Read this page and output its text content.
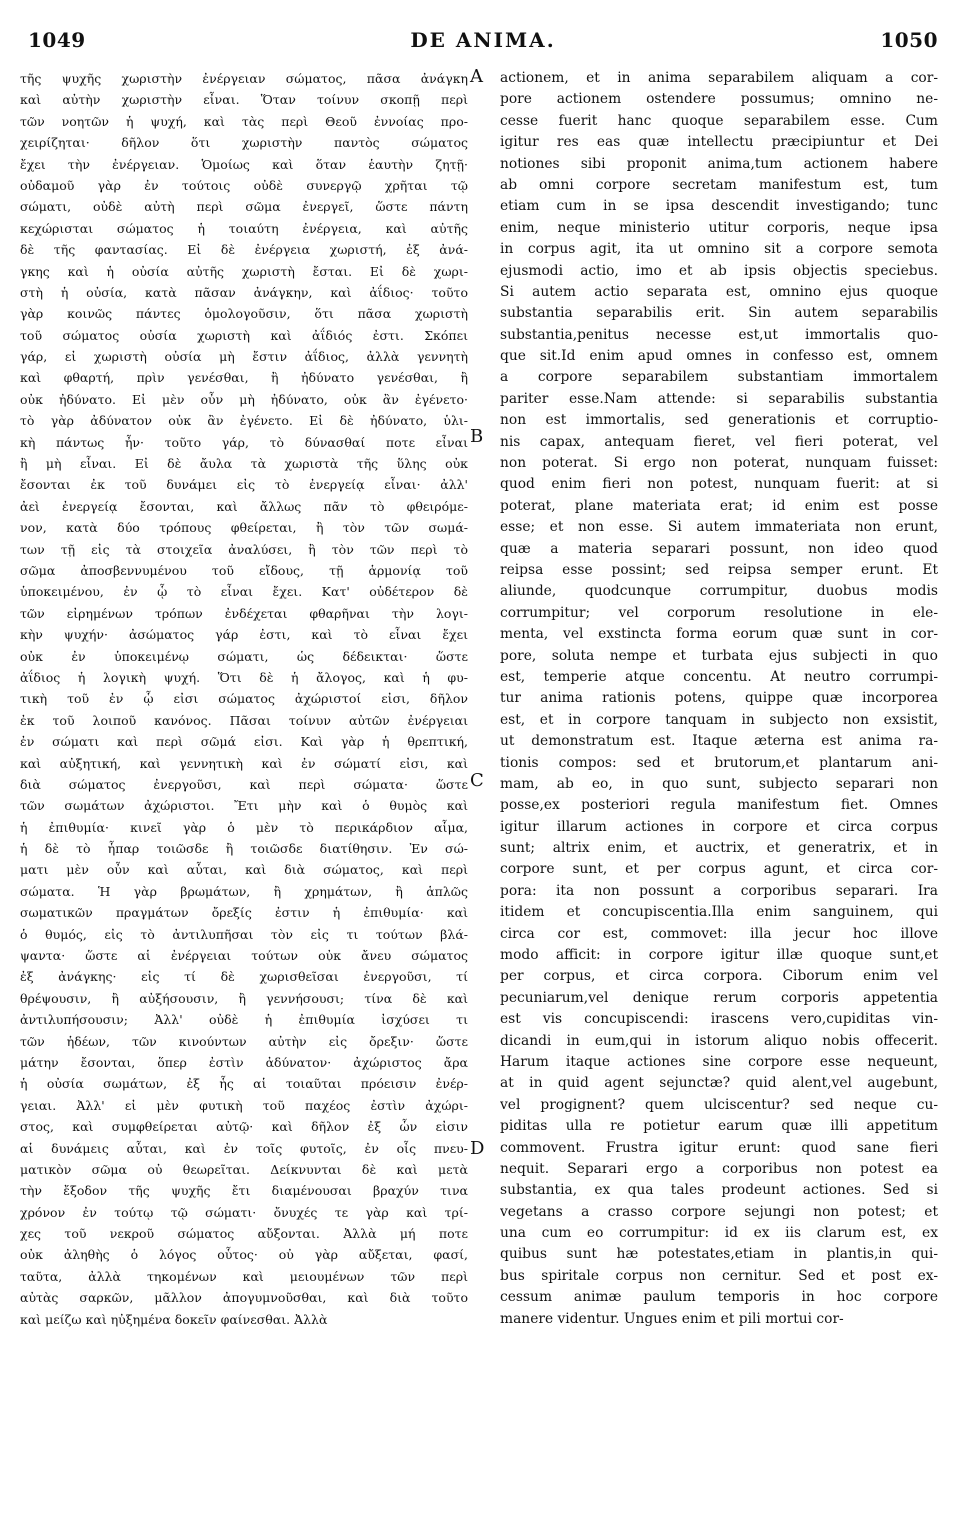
1049	DE ANIMA.	1050
τῆς ψυχῆς χωριστὴν ἐνέργειαν σώματος, πᾶσα ἀνάγκη
καὶ αὐτὴν χωριστὴν εἶναι. Ὅταν τοίνυν σκοπῇ περὶ
τῶν νοητῶν ἡ ψυχή, καὶ τὰς περὶ Θεοῦ ἐννοίας προ-
χειρίζηται· δῆλον ὅτι χωριστὴν παντὸς σώματος
ἔχει τὴν ἐνέργειαν. Ὁμοίως καὶ ὅταν ἑαυτὴν ζητῇ·
οὐδαμοῦ γὰρ ἐν τούτοις οὐδὲ συνεργῷ χρῆται τῷ
σώματι, οὐδὲ αὐτὴ περὶ σῶμα ἐνεργεῖ, ὥστε πάντη
κεχώρισται σώματος ἡ τοιαύτη ἐνέργεια, καὶ αὐτῆς
δὲ τῆς φαντασίας. Εἰ δὲ ἐνέργεια χωριστή, ἐξ ἀνά-
γκης καὶ ἡ οὐσία αὐτῆς χωριστὴ ἔσται. Εἰ δὲ χωρι-
στὴ ἡ οὐσία, κατὰ πᾶσαν ἀνάγκην, καὶ ἀΐδιος· τοῦτο
γὰρ κοινῶς πάντες ὁμολογοῦσιν, ὅτι πᾶσα χωριστὴ
τοῦ σώματος οὐσία χωριστὴ καὶ ἀΐδιός ἐστι. Σκόπει
γάρ, εἰ χωριστὴ οὐσία μὴ ἔστιν ἀΐδιος, ἀλλὰ γεννητὴ
καὶ φθαρτή, πρὶν γενέσθαι, ἢ ἠδύνατο γενέσθαι, ἢ
οὐκ ἠδύνατο. Εἰ μὲν οὖν μὴ ἠδύνατο, οὐκ ἂν ἐγένετο·
τὸ γὰρ ἀδύνατον οὐκ ἂν ἐγένετο. Εἰ δὲ ἠδύνατο, ὑλι-
κὴ πάντως ἦν· τοῦτο γάρ, τὸ δύνασθαί ποτε εἶναι
ἢ μὴ εἶναι. Εἰ δὲ ἄυλα τὰ χωριστὰ τῆς ὕλης οὐκ
ἔσονται ἐκ τοῦ δυνάμει εἰς τὸ ἐνεργείᾳ εἶναι· ἀλλ'
ἀεὶ ἐνεργείᾳ ἔσονται, καὶ ἄλλως πᾶν τὸ φθειρόμε-
νον, κατὰ δύο τρόπους φθείρεται, ἢ τὸν τῶν σωμά-
των τῇ εἰς τὰ στοιχεῖα ἀναλύσει, ἢ τὸν τῶν περὶ τὸ
σῶμα ἀποσβεννυμένου τοῦ εἴδους, τῇ ἁρμονίᾳ τοῦ
ὑποκειμένου, ἐν ᾧ τὸ εἶναι ἔχει. Κατ' οὐδέτερον δὲ
τῶν εἰρημένων τρόπων ἐνδέχεται φθαρῆναι τὴν λογι-
κὴν ψυχήν· ἀσώματος γάρ ἐστι, καὶ τὸ εἶναι ἔχει
οὐκ ἐν ὑποκειμένῳ σώματι, ὡς δέδεικται· ὥστε
ἀΐδιος ἡ λογικὴ ψυχή. Ὅτι δὲ ἡ ἄλογος, καὶ ἡ φυ-
τικὴ τοῦ ἐν ᾧ εἰσι σώματος ἀχώριστοί εἰσι, δῆλον
ἐκ τοῦ λοιποῦ κανόνος. Πᾶσαι τοίνυν αὐτῶν ἐνέργειαι
ἐν σώματι καὶ περὶ σῶμά εἰσι. Καὶ γὰρ ἡ θρεπτική,
καὶ αὐξητική, καὶ γεννητικὴ καὶ ἐν σώματί εἰσι, καὶ
διὰ σώματος ἐνεργοῦσι, καὶ περὶ σώματα· ὥστε
τῶν σωμάτων ἀχώριστοι. Ἔτι μὴν καὶ ὁ θυμὸς καὶ
ἡ ἐπιθυμία· κινεῖ γὰρ ὁ μὲν τὸ περικάρδιον αἷμα,
ἡ δὲ τὸ ἧπαρ τοιῶσδε ἢ τοιῶσδε διατίθησιν. Ἐν σώ-
ματι μὲν οὖν καὶ αὗται, καὶ διὰ σώματος, καὶ περὶ
σώματα. Ἡ γὰρ βρωμάτων, ἢ χρημάτων, ἢ ἁπλῶς
σωματικῶν πραγμάτων ὄρεξίς ἐστιν ἡ ἐπιθυμία· καὶ
ὁ θυμός, εἰς τὸ ἀντιλυπῆσαι τὸν εἰς τι τούτων βλά-
ψαντα· ὥστε αἱ ἐνέργειαι τούτων οὐκ ἄνευ σώματος
ἐξ ἀνάγκης· εἰς τί δὲ χωρισθεῖσαι ἐνεργοῦσι, τί
θρέψουσιν, ἢ αὐξήσουσιν, ἢ γεννήσουσι; τίνα δὲ καὶ
ἀντιλυπήσουσιν; Ἀλλ' οὐδὲ ἡ ἐπιθυμία ἰσχύσει τι
τῶν ἡδέων, τῶν κινούντων αὐτὴν εἰς ὄρεξιν· ὥστε
μάτην ἔσονται, ὅπερ ἐστὶν ἀδύνατον· ἀχώριστος ἄρα
ἡ οὐσία σωμάτων, ἐξ ἧς αἱ τοιαῦται πρόεισιν ἐνέρ-
γειαι. Ἀλλ' εἰ μὲν φυτικὴ τοῦ παχέος ἐστὶν ἀχώρι-
στος, καὶ συμφθείρεται αὐτῷ· καὶ δῆλον ἐξ ὧν εἰσιν
αἱ δυνάμεις αὗται, καὶ ἐν τοῖς φυτοῖς, ἐν οἷς πνευ-
ματικὸν σῶμα οὐ θεωρεῖται. Δείκνυνται δὲ καὶ μετὰ
τὴν ἔξοδον τῆς ψυχῆς ἔτι διαμένουσαι βραχύν τινα
χρόνον ἐν τούτῳ τῷ σώματι· ὄνυχές τε γὰρ καὶ τρί-
χες τοῦ νεκροῦ σώματος αὔξονται. Ἀλλὰ μή ποτε
οὐκ ἀληθὴς ὁ λόγος οὗτος· οὐ γὰρ αὔξεται, φασί,
ταῦτα, ἀλλὰ τηκομένων καὶ μειουμένων τῶν περὶ
αὐτὰς σαρκῶν, μᾶλλον ἀπογυμνοῦσθαι, καὶ διὰ τοῦτο
καὶ μείζω καὶ ηὐξημένα δοκεῖν φαίνεσθαι. Ἀλλὰ
actionem, et in anima separabilem aliquam a cor-
pore actionem ostendere possumus; omnino ne-
cesse fuerit hanc quoque separabilem esse. Cum
igitur res eas quæ intellectu præcipiuntur et Dei
notiones sibi proponit anima,tum actionem habere
ab omni corpore secretam manifestum est, tum
etiam cum in se ipsa descendit investigando; tunc
enim, neque ministerio utitur corporis, neque ipsa
in corpus agit, ita ut omnino sit a corpore semota
ejusmodi actio, imo et ab ipsis objectis speciebus.
Si autem actio separata est, omnino ejus quoque
substantia separabilis erit. Sin autem separabilis
substantia,penitus necesse est,ut immortalis quo-
que sit.Id enim apud omnes in confesso est, omnem
a corpore separabilem substantiam immortalem
pariter esse.Nam attende: si separabilis substantia
non est immortalis, sed generationis et corruptio-
nis capax, antequam fieret, vel fieri poterat, vel
non poterat. Si ergo non poterat, nunquam fuisset:
quod enim fieri non potest, nunquam fuerit: at si
poterat, plane materiata erat; id enim est posse
esse; et non esse. Si autem immateriata non erunt,
quæ a materia separari possunt, non ideo quod
reipsa esse possint; sed reipsa semper erunt. Et
aliunde, quodcunque corrumpitur, duobus modis
corrumpitur; vel corporum resolutione in ele-
menta, vel exstincta forma eorum quæ sunt in cor-
pore, soluta nempe et turbata ejus subjecti in quo
est, temperie atque concentu. At neutro corrumpi-
tur anima rationis potens, quippe quæ incorporea
est, et in corpore tanquam in subjecto non exsistit,
ut demonstratum est. Itaque æterna est anima ra-
tionis compos: sed et brutorum,et plantarum ani-
mam, ab eo, in quo sunt, subjecto separari non
posse,ex posteriori regula manifestum fiet. Omnes
igitur illarum actiones in corpore et circa corpus
sunt; altrix enim, et auctrix, et generatrix, et in
corpore sunt, et per corpus agunt, et circa cor-
pora: ita non possunt a corporibus separari. Ira
itidem et concupiscentia.Illa enim sanguinem, qui
circa cor est, commovet: illa jecur hoc illove
modo afficit: in corpore igitur illæ quoque sunt,et
per corpus, et circa corpora. Ciborum enim vel
pecuniarum,vel denique rerum corporis appetentia
est vis concupiscendi: irascens vero,cupiditas vin-
dicandi in eum,qui in istorum aliquo nobis offecerit.
Harum itaque actiones sine corpore esse nequeunt,
at in quid agent sejunctæ? quid alent,vel augebunt,
vel progignent? quem ulciscentur? sed neque cu-
piditas ulla re potietur earum quæ illi appetitum
commovent. Frustra igitur erunt: quod sane fieri
nequit. Separari ergo a corporibus non potest ea
substantia, ex qua tales prodeunt actiones. Sed si
vegetans a crasso corpore sejungi non potest; et
una cum eo corrumpitur: id ex iis clarum est, ex
quibus sunt hæ potestates,etiam in plantis,in qui-
bus spiritale corpus non cernitur. Sed et post ex-
cessum animæ paulum temporis in hoc corpore
manere videntur. Ungues enim et pili mortui cor-
A
B
C
D
